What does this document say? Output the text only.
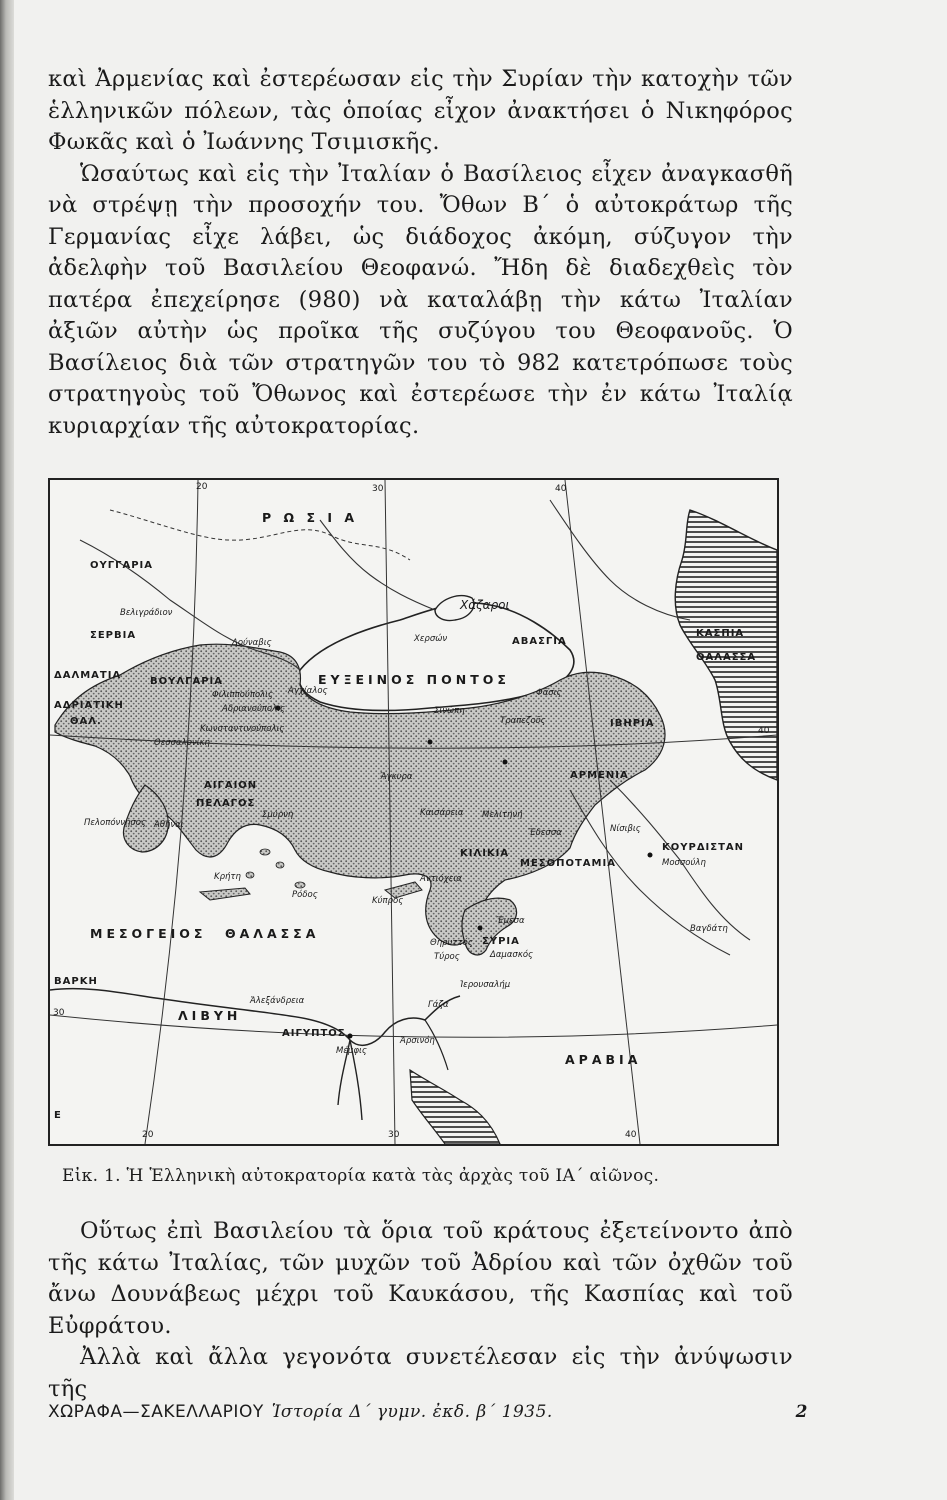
καὶ Ἀρμενίας καὶ ἐστερέωσαν εἰς τὴν Συρίαν τὴν κατοχὴν τῶν ἑλληνικῶν πόλεων, τὰς ὁποίας εἶχον ἀνακτήσει ὁ Νικηφόρος Φωκᾶς καὶ ὁ Ἰωάννης Τσιμισκῆς.

Ὡσαύτως καὶ εἰς τὴν Ἰταλίαν ὁ Βασίλειος εἶχεν ἀναγκασθῆ νὰ στρέψῃ τὴν προσοχήν του. Ὄθων Β΄ ὁ αὐτοκράτωρ τῆς Γερμανίας εἶχε λάβει, ὡς διάδοχος ἀκόμη, σύζυγον τὴν ἀδελφὴν τοῦ Βασιλείου Θεοφανώ. Ἤδη δὲ διαδεχθεὶς τὸν πατέρα ἐπεχείρησε (980) νὰ καταλάβῃ τὴν κάτω Ἰταλίαν ἀξιῶν αὐτὴν ὡς προῖκα τῆς συζύγου του Θεοφανοῦς. Ὁ Βασίλειος διὰ τῶν στρατηγῶν του τὸ 982 κατετρόπωσε τοὺς στρατηγοὺς τοῦ Ὄθωνος καὶ ἐστερέωσε τὴν ἐν κάτω Ἰταλίᾳ κυριαρχίαν τῆς αὐτοκρατορίας.

20	30	40
20	30	40
40
30
E
Ρ Ω Σ Ι Α
ΟΥΓΓΑΡΙΑ
Χάζαροι
ΚΑΣΠΙΑ
ΘΑΛΑΣΣΑ
ΕΥΞΕΙΝΟΣ ΠΟΝΤΟΣ
ΣΕΡΒΙΑ
ΔΑΛΜΑΤΙΑ
ΑΔΡΙΑΤΙΚΗ
ΘΑΛ.
ΒΟΥΛΓΑΡΙΑ
ΑΒΑΣΓΙΑ
ΙΒΗΡΙΑ
ΑΡΜΕΝΙΑ
ΚΟΥΡΔΙΣΤΑΝ
ΜΕΣΟΠΟΤΑΜΙΑ
ΜΕΣΟΓΕΙΟΣ ΘΑΛΑΣΣΑ
ΣΥΡΙΑ
ΑΙΓΑΙΟΝ
ΠΕΛΑΓΟΣ
ΚΙΛΙΚΙΑ
ΒΑΡΚΗ
ΛΙΒΥΗ
ΑΙΓΥΠΤΟΣ
ΑΡΑΒΙΑ
Βελιγράδιον
Δούναβις	Χερσών
Φιλιππούπολις
Αδριανούπολις
Αγχίαλος
Κωνσταντινούπολις
Σινώπη
Τραπεζοῦς
Φᾶσις
Ἄγκυρα
Καισάρεια Μελιτηνή
Ἔδεσσα	Νίσιβις
Μοσσούλη
Ἀντιόχεια
Βαγδάτη
Ἔμεσα
Δαμασκός
Θηρυττός
Τύρος
Ἱερουσαλήμ
Γάζα
Ἀλεξάνδρεια
Μέμφις
Ἀρσινόη
Κρήτη
Ρόδος
Κύπρος
Πελοπόννησος Ἀθῆναι
Θεσσαλονίκη
Σμύρνη
Εἰκ. 1. Ἡ Ἑλληνικὴ αὐτοκρατορία κατὰ τὰς ἀρχὰς τοῦ ΙΑ΄ αἰῶνος.

Οὕτως ἐπὶ Βασιλείου τὰ ὅρια τοῦ κράτους ἐξετείνοντο ἀπὸ τῆς κάτω Ἰταλίας, τῶν μυχῶν τοῦ Ἀδρίου καὶ τῶν ὀχθῶν τοῦ ἄνω Δουνάβεως μέχρι τοῦ Καυκάσου, τῆς Κασπίας καὶ τοῦ Εὐφράτου.

Ἀλλὰ καὶ ἄλλα γεγονότα συνετέλεσαν εἰς τὴν ἀνύψωσιν τῆς

ΧΩΡΑΦΑ—ΣΑΚΕΛΛΑΡΙΟΥ Ἱστορία Δ΄ γυμν. ἐκδ. β΄ 1935.	2
